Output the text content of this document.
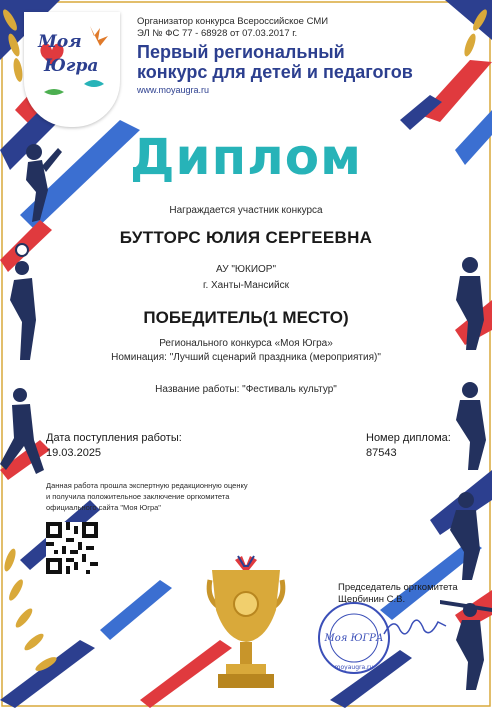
Моя
Югра
Организатор конкурса Всероссийское СМИ
ЭЛ № ФС 77 - 68928 от 07.03.2017 г.
Первый региональный
конкурс для детей и педагогов
www.moyaugra.ru
Диплом
Награждается участник конкурса
БУТТОРС ЮЛИЯ СЕРГЕЕВНА
АУ "ЮКИОР"
г. Ханты-Мансийск
ПОБЕДИТЕЛЬ(1 МЕСТО)
Регионального конкурса «Моя Югра»
Номинация: "Лучший сценарий праздника (мероприятия)"
Название работы: "Фестиваль культур"
Дата поступления работы:
19.03.2025
Номер диплома:
87543
Данная работа прошла экспертную редакционную оценку
и получила положительное заключение оргкомитета
официального сайта "Моя Югра"
Председатель оргкомитета
Щербинин С.В.
Моя ЮГРА
moyaugra.ru
